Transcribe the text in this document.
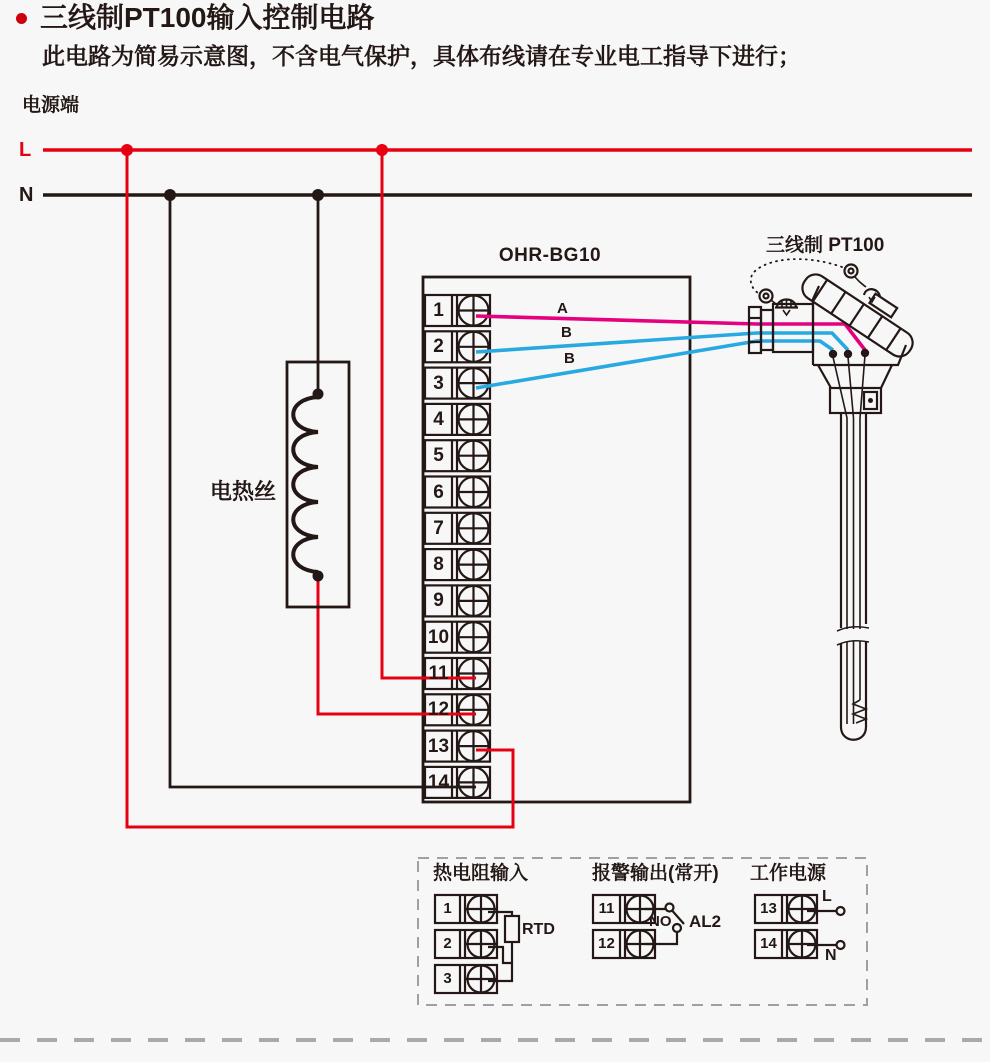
三线制PT100输入控制电路
此电路为简易示意图，不含电气保护，具体布线请在专业电工指导下进行；
电源端
L
N
电热丝
OHR-BG10	三线制 PT100
A
B
B
热电阻输入	报警输出(常开) 工作电源
RTD	NO AL2
L
N
1
2
3
4
5
6
7
8
9
10
11
12
13
14
1
2
3
11
12
13
14
